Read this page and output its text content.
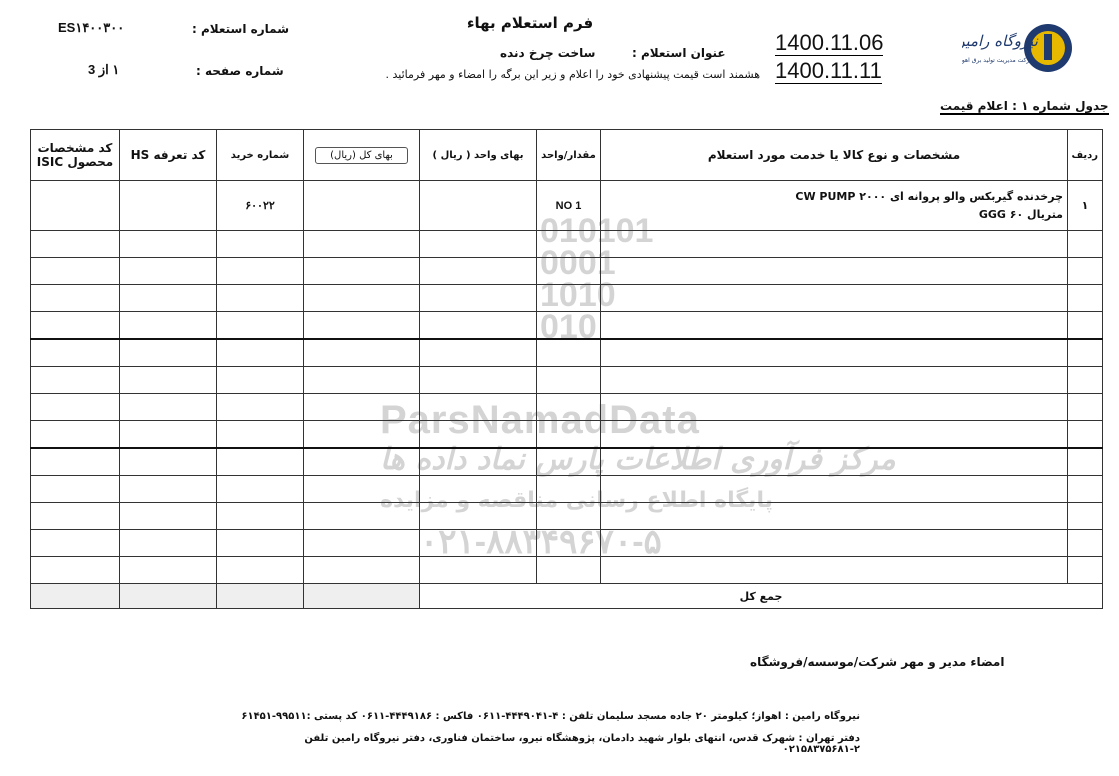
نیروگاه رامین
شرکت مدیریت تولید برق اهواز
فرم استعلام بهاء
عنوان استعلام :
ساخت چرخ دنده
هشمند است قیمت پیشنهادی خود را اعلام و زیر این برگه را امضاء و مهر فرمائید .
1400.11.06
1400.11.11
شماره استعلام :
ES۱۴۰۰۳۰۰
شماره صفحه :
۱ از 3
جدول شماره ۱ : اعلام قیمت
010101
0001
1010
010
ParsNamadData
مرکز فرآوری اطلاعات پارس نماد داده ها
پایگاه اطلاع رسانی مناقصه و مزایده
۰۲۱-۸۸۳۴۹۶۷۰-۵
ردیف	مشخصات و نوع کالا یا خدمت مورد استعلام	مقدار/واحد	بهای واحد ( ریال )	بهای کل (ریال)	شماره خرید	کد تعرفه HS	کد مشخصات محصول ISIC
۱	چرخدنده گیربکس والو پروانه ای ۲۰۰۰ CW PUMP
متریال GGG ۶۰	1 NO			۶۰۰۲۲		

جمع کل							
امضاء مدیر و مهر شرکت/موسسه/فروشگاه
نیروگاه رامین : اهواز؛ کیلومتر ۲۰ جاده مسجد سلیمان تلفن : ۴-۴۴۴۹۰۴۱-۰۶۱۱ فاکس : ۴۴۴۹۱۸۶-۰۶۱۱ کد پستی :۹۹۵۱۱-۶۱۴۵۱
دفتر تهران : شهرک قدس، انتهای بلوار شهید دادمان، پژوهشگاه نیرو، ساختمان فناوری، دفتر نیروگاه رامین تلفن ۲-۰۲۱۵۸۳۷۵۶۸۱
